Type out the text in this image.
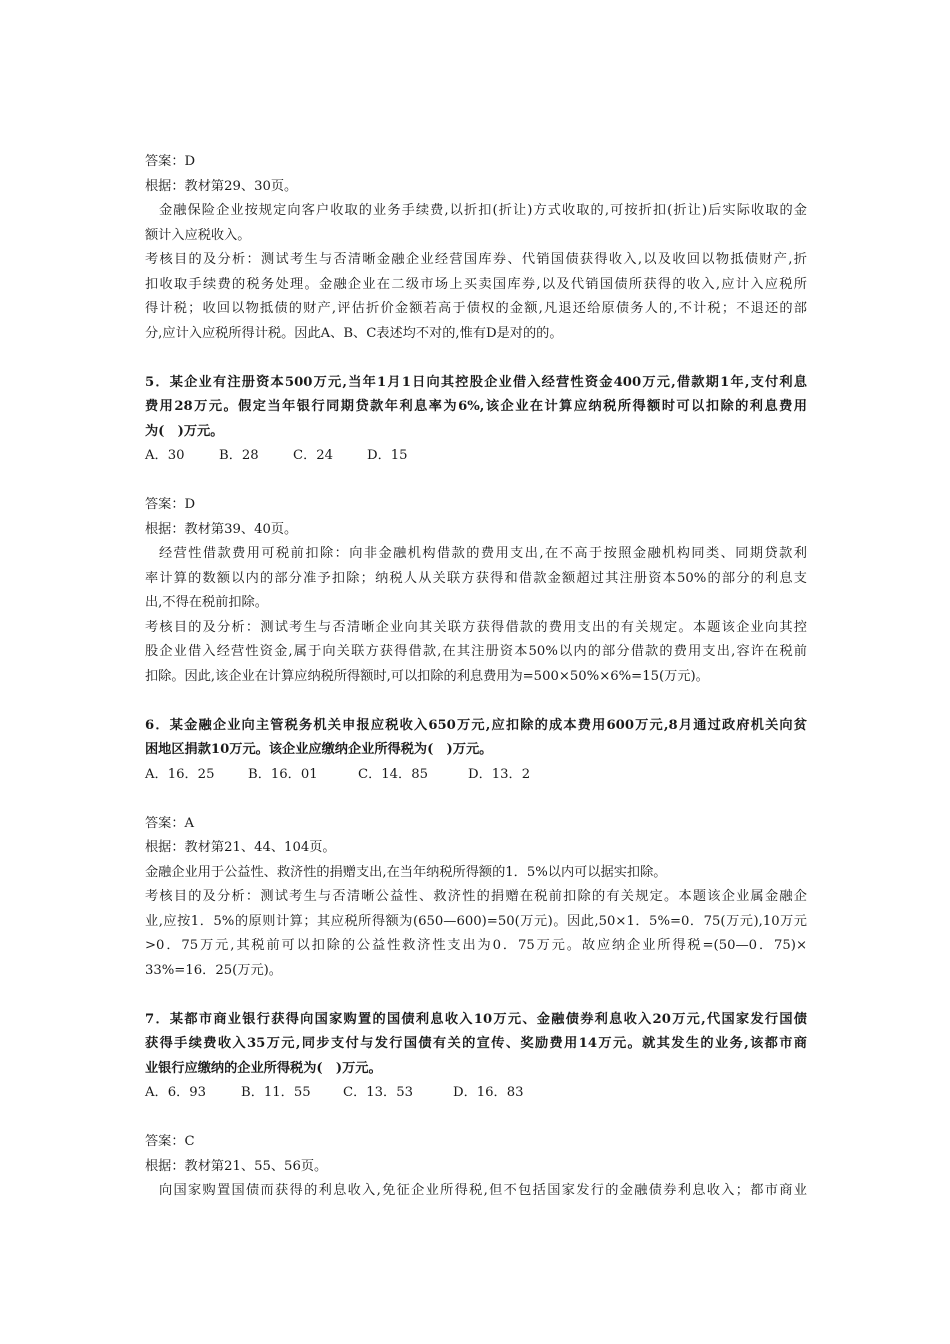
答案：D
根据：教材第29、30页。
金融保险企业按规定向客户收取的业务手续费,以折扣(折让)方式收取的,可按折扣(折让)后实际收取的金
额计入应税收入。
考核目的及分析：测试考生与否清晰金融企业经营国库券、代销国债获得收入,以及收回以物抵债财产,折
扣收取手续费的税务处理。金融企业在二级市场上买卖国库券,以及代销国债所获得的收入,应计入应税所
得计税；收回以物抵债的财产,评估折价金额若高于债权的金额,凡退还给原债务人的,不计税；不退还的部
分,应计入应税所得计税。因此A、B、C表述均不对的,惟有D是对的的。
5．某企业有注册资本500万元,当年1月1日向其控股企业借入经营性资金400万元,借款期1年,支付利息
费用28万元。假定当年银行同期贷款年利息率为6%,该企业在计算应纳税所得额时可以扣除的利息费用
为(　)万元。
A．30	B．28	C．24	D．15
答案：D
根据：教材第39、40页。
经营性借款费用可税前扣除：向非金融机构借款的费用支出,在不高于按照金融机构同类、同期贷款利
率计算的数额以内的部分准予扣除；纳税人从关联方获得和借款金额超过其注册资本50%的部分的利息支
出,不得在税前扣除。
考核目的及分析：测试考生与否清晰企业向其关联方获得借款的费用支出的有关规定。本题该企业向其控
股企业借入经营性资金,属于向关联方获得借款,在其注册资本50%以内的部分借款的费用支出,容许在税前
扣除。因此,该企业在计算应纳税所得额时,可以扣除的利息费用为=500×50%×6%=15(万元)。
6．某金融企业向主管税务机关申报应税收入650万元,应扣除的成本费用600万元,8月通过政府机关向贫
困地区捐款10万元。该企业应缴纳企业所得税为(　)万元。
A．16．25	B．16．01	C．14．85	D．13．2
答案：A
根据：教材第21、44、104页。
金融企业用于公益性、救济性的捐赠支出,在当年纳税所得额的1．5%以内可以据实扣除。
考核目的及分析：测试考生与否清晰公益性、救济性的捐赠在税前扣除的有关规定。本题该企业属金融企
业,应按1．5%的原则计算；其应税所得额为(650—600)=50(万元)。因此,50×1．5%=0．75(万元),10万元
>0．75万元,其税前可以扣除的公益性救济性支出为0．75万元。故应纳企业所得税=(50—0．75)×
33%=16．25(万元)。
7．某都市商业银行获得向国家购置的国债利息收入10万元、金融债券利息收入20万元,代国家发行国债
获得手续费收入35万元,同步支付与发行国债有关的宣传、奖励费用14万元。就其发生的业务,该都市商
业银行应缴纳的企业所得税为(　)万元。
A．6．93	B．11．55	C．13．53	D．16．83
答案：C
根据：教材第21、55、56页。
向国家购置国债而获得的利息收入,免征企业所得税,但不包括国家发行的金融债券利息收入；都市商业
